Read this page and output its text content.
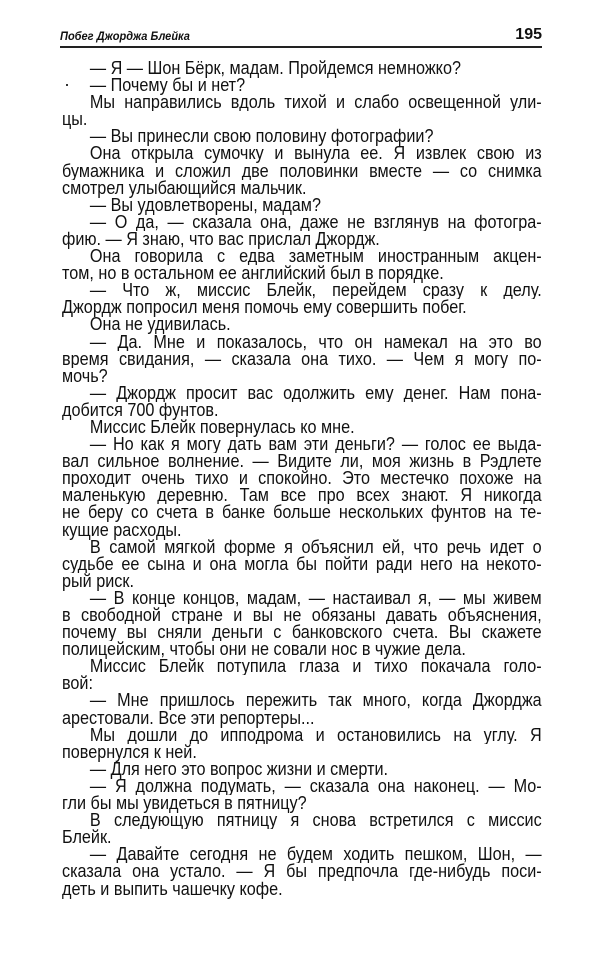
Побег Джорджа Блейка	195
— Я — Шон Бёрк, мадам. Пройдемся немножко?
— Почему бы и нет?
Мы направились вдоль тихой и слабо освещенной ули-
цы.
— Вы принесли свою половину фотографии?
Она открыла сумочку и вынула ее. Я извлек свою из
бумажника и сложил две половинки вместе — со снимка
смотрел улыбающийся мальчик.
— Вы удовлетворены, мадам?
— О да, — сказала она, даже не взглянув на фотогра-
фию. — Я знаю, что вас прислал Джордж.
Она говорила с едва заметным иностранным акцен-
том, но в остальном ее английский был в порядке.
— Что ж, миссис Блейк, перейдем сразу к делу.
Джордж попросил меня помочь ему совершить побег.
Она не удивилась.
— Да. Мне и показалось, что он намекал на это во
время свидания, — сказала она тихо. — Чем я могу по-
мочь?
— Джордж просит вас одолжить ему денег. Нам пона-
добится 700 фунтов.
Миссис Блейк повернулась ко мне.
— Но как я могу дать вам эти деньги? — голос ее выда-
вал сильное волнение. — Видите ли, моя жизнь в Рэдлете
проходит очень тихо и спокойно. Это местечко похоже на
маленькую деревню. Там все про всех знают. Я никогда
не беру со счета в банке больше нескольких фунтов на те-
кущие расходы.
В самой мягкой форме я объяснил ей, что речь идет о
судьбе ее сына и она могла бы пойти ради него на некото-
рый риск.
— В конце концов, мадам, — настаивал я, — мы живем
в свободной стране и вы не обязаны давать объяснения,
почему вы сняли деньги с банковского счета. Вы скажете
полицейским, чтобы они не совали нос в чужие дела.
Миссис Блейк потупила глаза и тихо покачала голо-
вой:
— Мне пришлось пережить так много, когда Джорджа
арестовали. Все эти репортеры...
Мы дошли до ипподрома и остановились на углу. Я
повернулся к ней.
— Для него это вопрос жизни и смерти.
— Я должна подумать, — сказала она наконец. — Мо-
гли бы мы увидеться в пятницу?
В следующую пятницу я снова встретился с миссис
Блейк.
— Давайте сегодня не будем ходить пешком, Шон, —
сказала она устало. — Я бы предпочла где-нибудь поси-
деть и выпить чашечку кофе.
